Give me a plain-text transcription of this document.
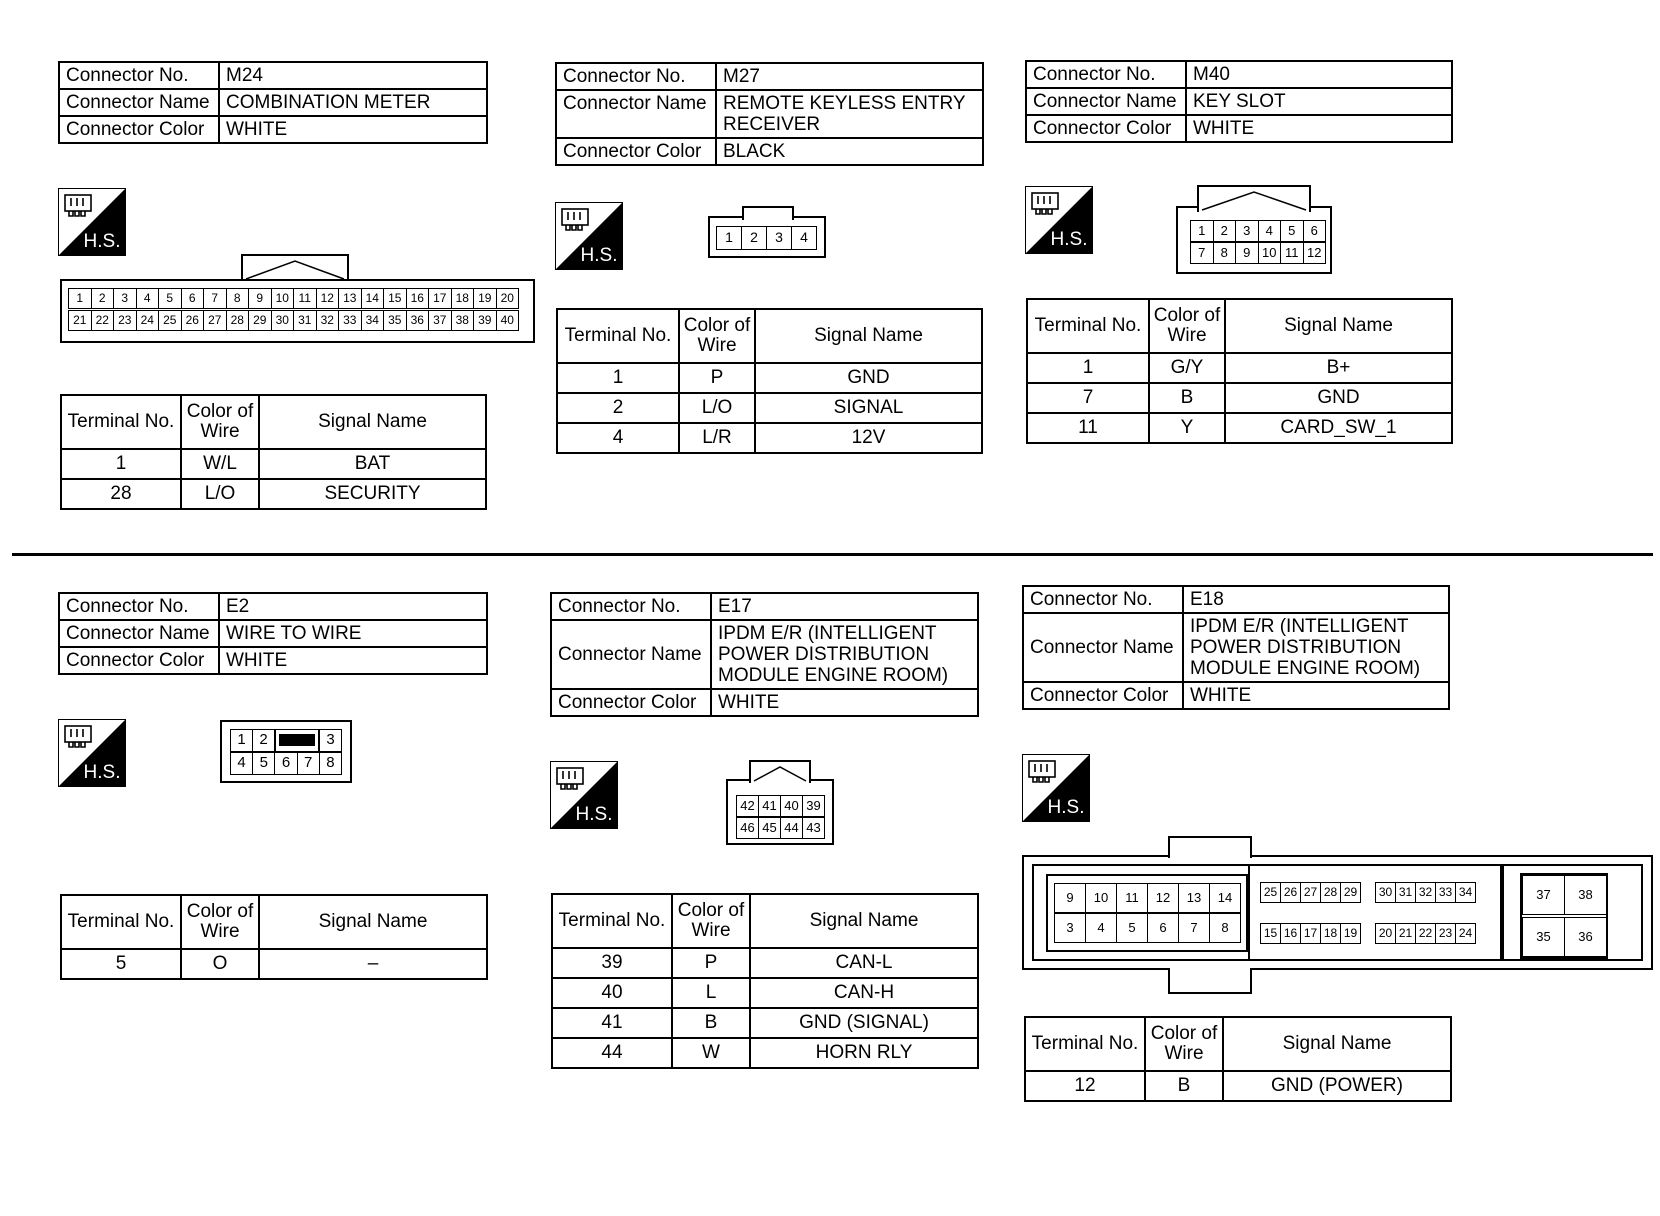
Connector No.	M24
Connector Name	COMBINATION METER
Connector Color	WHITE
H.S.
1	2	3	4	5	6	7	8	9	10 11 12 13 14 15 16 17 18 19 20
21 22 23 24 25 26 27 28 29 30 31 32 33 34 35 36 37 38 39 40
Terminal No.	Color of Wire	Signal Name
1	W/L	BAT
28	L/O	SECURITY
Connector No.	M27
Connector Name	REMOTE KEYLESS ENTRY RECEIVER
Connector Color	BLACK
H.S.
1	2	3	4
Terminal No.	Color of Wire	Signal Name
1	P	GND
2	L/O	SIGNAL
4	L/R	12V
Connector No.	M40
Connector Name	KEY SLOT
Connector Color	WHITE
H.S.	1	2	3	4	5	6
7	8	9 10 11 12
Terminal No.	Color of Wire	Signal Name
1	G/Y	B+
7	B	GND
11	Y	CARD_SW_1
Connector No.	E2
Connector Name	WIRE TO WIRE
Connector Color	WHITE
H.S.
1 2	3
4 5 6 7 8
Terminal No.	Color of Wire	Signal Name
5	O	–
Connector No.	E17
Connector Name	IPDM E/R (INTELLIGENT POWER DISTRIBUTION MODULE ENGINE ROOM)
Connector Color	WHITE
H.S.	42 41 40 39
46 45 44 43
Terminal No.	Color of Wire	Signal Name
39	P	CAN-L
40	L	CAN-H
41	B	GND (SIGNAL)
44	W	HORN RLY
Connector No.	E18
Connector Name	IPDM E/R (INTELLIGENT POWER DISTRIBUTION MODULE ENGINE ROOM)
Connector Color	WHITE
H.S.
9	10	11	12	13	14
3	4	5	6	7	8
25 26 27 28 29	30 31 32 33 34
15 16 17 18 19	20 21 22 23 24
37	38
35	36
Terminal No.	Color of Wire	Signal Name
12	B	GND (POWER)
